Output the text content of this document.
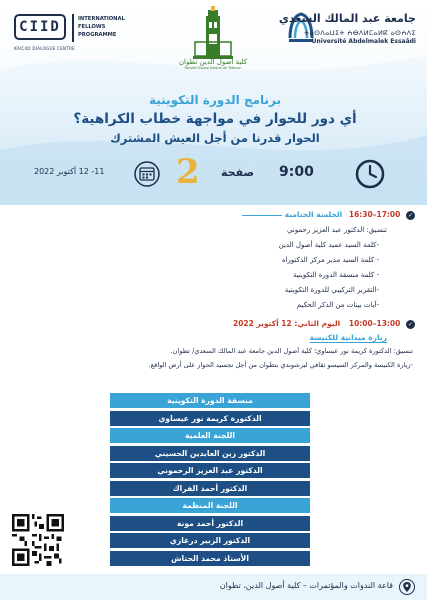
CIID	INTERNATIONAL
FELLOWS
PROGRAMME
KAICIID DIALOGUE CENTRE
كلية أصول الدين تطوان
Faculté Ossoul Eddine de Tétouan
جامعة عبد المالك السعدي
ⵜⴰⵙⴷⴰⵡⵉⵜ ⵄⴱⴷⵍⵎⴰⵍⴽ ⴰⵙⵄⴷⵉ
Université Abdelmalek Essaâdi
برنامج الدورة التكوينية
أي دور للحوار في مواجهة خطاب الكراهية؟
الحوار قدرنا من أجل العيش المشترك
11- 12 أكتوبر 2022 2 صفحة 9:00
✓ 17:00–16:30 الجلسة الختامية
تنسيق: الدكتور عبد العزيز رحموني
-كلمة السيد عميد كلية أصول الدين
- كلمة السيد مدير مركز الدكتوراه
- كلمة منسقة الدورة التكوينية
-التقرير التركيبي للدورة التكوينية
-آيات بينات من الذكر الحكيم
✓ 13:00–10:00 اليوم الثاني: 12 أكتوبر 2022
زيارة ميدانية للكنيسة
تنسيق: الدكتورة كريمة نور عيساوي؛ كلية أصول الدين جامعة عبد المالك السعدي/ تطوان.
-زيارة الكنيسة والمركز السيسو ثقافي ليرشوندي بتطوان من أجل تجسيد الحوار على أرض الواقع.
منسقة الدورة التكوينية
الدكتورة كريمة نور عيساوي
اللجنة العلمية
الدكتور زين العابدين الحسيني
الدكتور عبد العزيز الرحموني
الدكتور أحمد الفراك
اللجنة المنظمة
الدكتور أحمد مونة
الدكتور الزبير درغازي
الأستاذ محمد الحتاش
قاعة الندوات والمؤتمرات – كلية أصول الدين، تطوان
